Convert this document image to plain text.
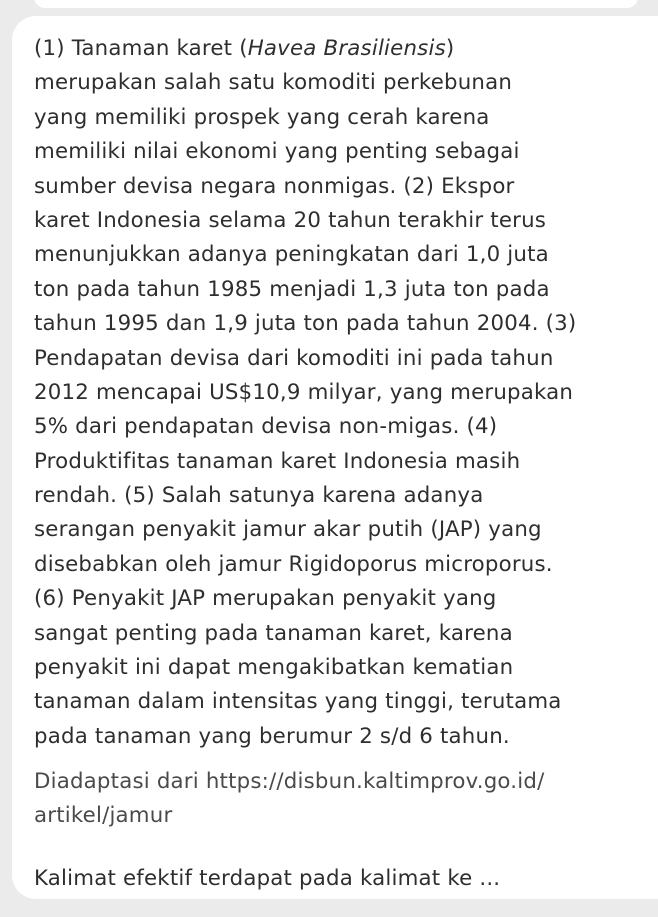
(1) Tanaman karet (Havea Brasiliensis)
merupakan salah satu komoditi perkebunan
yang memiliki prospek yang cerah karena
memiliki nilai ekonomi yang penting sebagai
sumber devisa negara nonmigas. (2) Ekspor
karet Indonesia selama 20 tahun terakhir terus
menunjukkan adanya peningkatan dari 1,0 juta
ton pada tahun 1985 menjadi 1,3 juta ton pada
tahun 1995 dan 1,9 juta ton pada tahun 2004. (3)
Pendapatan devisa dari komoditi ini pada tahun
2012 mencapai US$10,9 milyar, yang merupakan
5% dari pendapatan devisa non-migas. (4)
Produktifitas tanaman karet Indonesia masih
rendah. (5) Salah satunya karena adanya
serangan penyakit jamur akar putih (JAP) yang
disebabkan oleh jamur Rigidoporus microporus.
(6) Penyakit JAP merupakan penyakit yang
sangat penting pada tanaman karet, karena
penyakit ini dapat mengakibatkan kematian
tanaman dalam intensitas yang tinggi, terutama
pada tanaman yang berumur 2 s/d 6 tahun.
Diadaptasi dari https://disbun.kaltimprov.go.id/
artikel/jamur
Kalimat efektif terdapat pada kalimat ke ...
